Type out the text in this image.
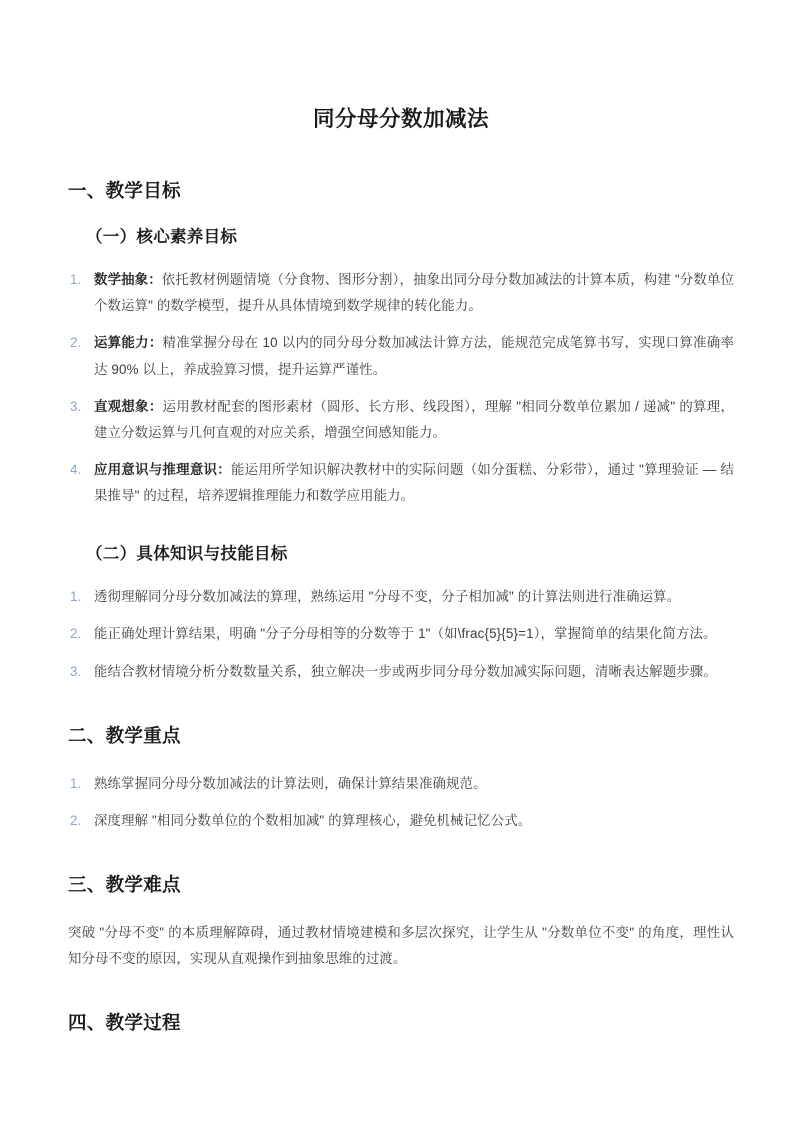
同分母分数加减法
一、教学目标
（一）核心素养目标
1. 数学抽象：依托教材例题情境（分食物、图形分割），抽象出同分母分数加减法的计算本质，构建 "分数单位个数运算" 的数学模型，提升从具体情境到数学规律的转化能力。
2. 运算能力：精准掌握分母在 10 以内的同分母分数加减法计算方法，能规范完成笔算书写，实现口算准确率达 90% 以上，养成验算习惯，提升运算严谨性。
3. 直观想象：运用教材配套的图形素材（圆形、长方形、线段图），理解 "相同分数单位累加 / 递减" 的算理，建立分数运算与几何直观的对应关系，增强空间感知能力。
4. 应用意识与推理意识：能运用所学知识解决教材中的实际问题（如分蛋糕、分彩带），通过 "算理验证 — 结果推导" 的过程，培养逻辑推理能力和数学应用能力。
（二）具体知识与技能目标
1. 透彻理解同分母分数加减法的算理，熟练运用 "分母不变，分子相加减" 的计算法则进行准确运算。
2. 能正确处理计算结果，明确 "分子分母相等的分数等于 1"（如\frac{5}{5}=1），掌握简单的结果化简方法。
3. 能结合教材情境分析分数数量关系，独立解决一步或两步同分母分数加减实际问题，清晰表达解题步骤。
二、教学重点
1. 熟练掌握同分母分数加减法的计算法则，确保计算结果准确规范。
2. 深度理解 "相同分数单位的个数相加减" 的算理核心，避免机械记忆公式。
三、教学难点

突破 "分母不变" 的本质理解障碍，通过教材情境建模和多层次探究，让学生从 "分数单位不变" 的角度，理性认知分母不变的原因，实现从直观操作到抽象思维的过渡。

四、教学过程
